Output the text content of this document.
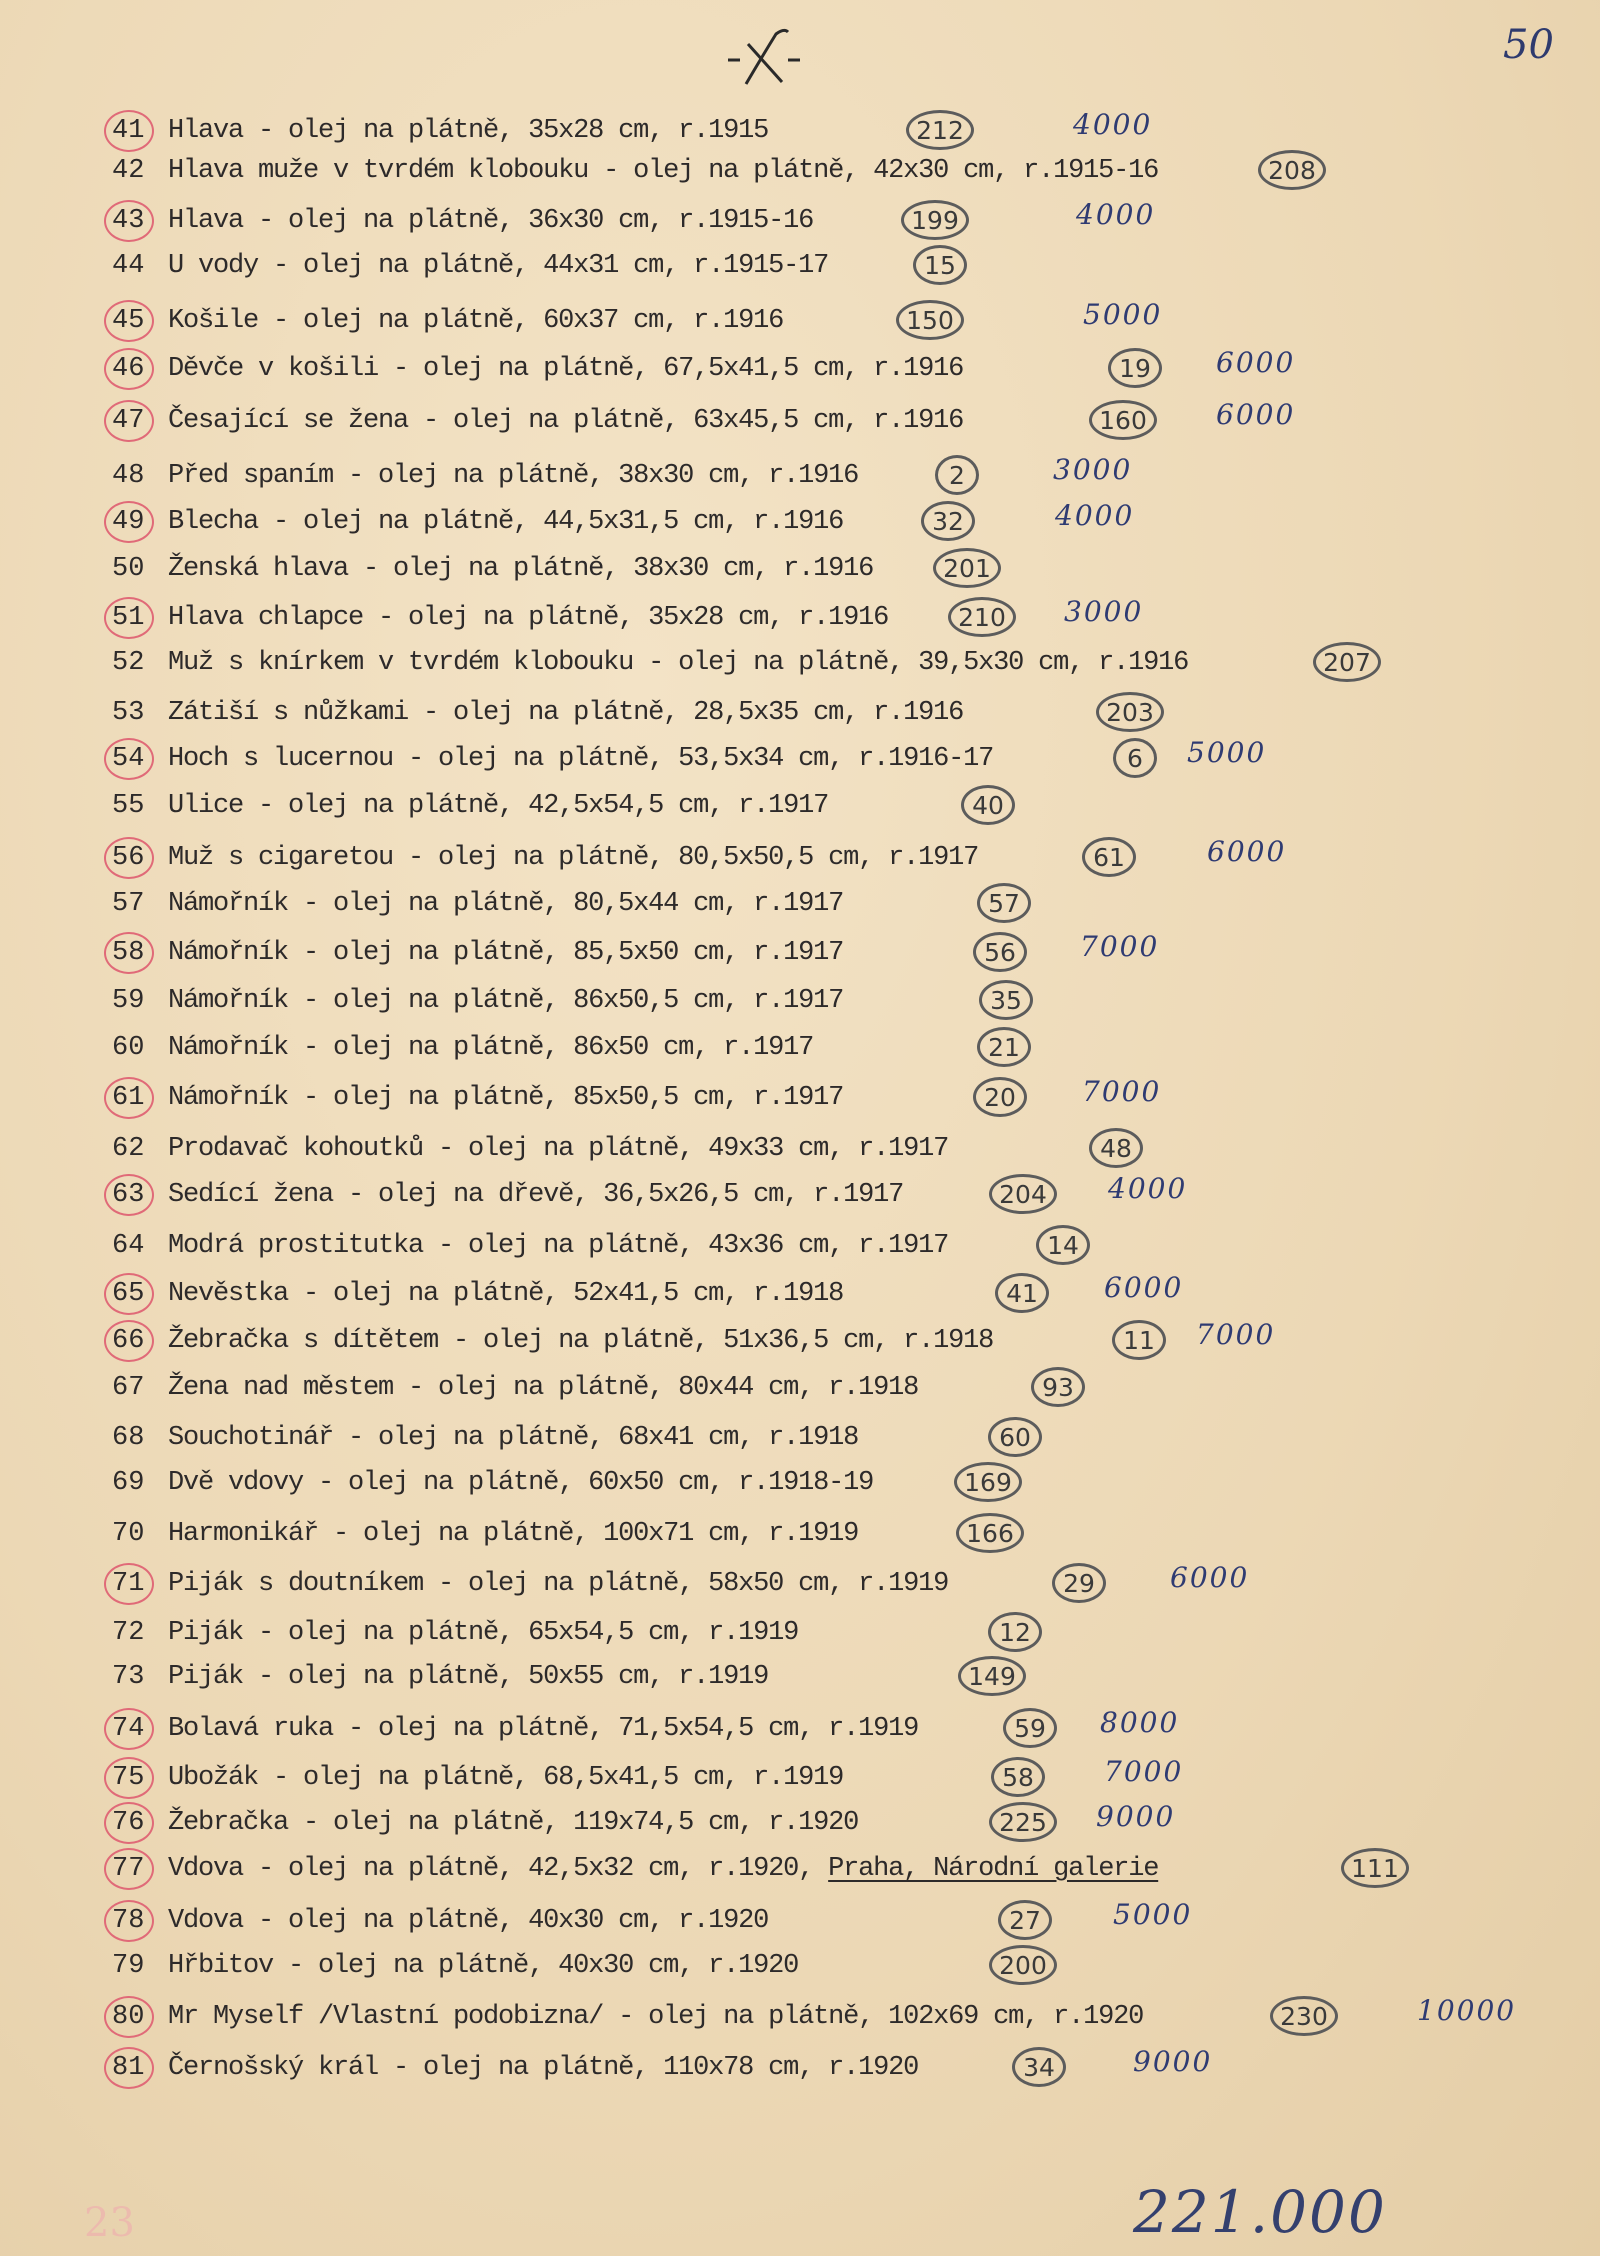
50
41 Hlava - olej na plátně, 35x28 cm, r.1915	212	4000
42 Hlava muže v tvrdém klobouku - olej na plátně, 42x30 cm, r.1915-16	208
43 Hlava - olej na plátně, 36x30 cm, r.1915-16	199	4000
44 U vody - olej na plátně, 44x31 cm, r.1915-17	15
45 Košile - olej na plátně, 60x37 cm, r.1916	150	5000
46 Děvče v košili - olej na plátně, 67,5x41,5 cm, r.1916	19	6000
47 Česající se žena - olej na plátně, 63x45,5 cm, r.1916	160	6000
48 Před spaním - olej na plátně, 38x30 cm, r.1916	2	3000
49 Blecha - olej na plátně, 44,5x31,5 cm, r.1916	32	4000
50 Ženská hlava - olej na plátně, 38x30 cm, r.1916	201
51 Hlava chlapce - olej na plátně, 35x28 cm, r.1916	210	3000
52 Muž s knírkem v tvrdém klobouku - olej na plátně, 39,5x30 cm, r.1916	207
53 Zátiší s nůžkami - olej na plátně, 28,5x35 cm, r.1916	203
54 Hoch s lucernou - olej na plátně, 53,5x34 cm, r.1916-17	6	5000
55 Ulice - olej na plátně, 42,5x54,5 cm, r.1917	40
56 Muž s cigaretou - olej na plátně, 80,5x50,5 cm, r.1917	61	6000
57 Námořník - olej na plátně, 80,5x44 cm, r.1917	57
58 Námořník - olej na plátně, 85,5x50 cm, r.1917	56	7000
59 Námořník - olej na plátně, 86x50,5 cm, r.1917	35
60 Námořník - olej na plátně, 86x50 cm, r.1917	21
61 Námořník - olej na plátně, 85x50,5 cm, r.1917	20	7000
62 Prodavač kohoutků - olej na plátně, 49x33 cm, r.1917	48
63 Sedící žena - olej na dřevě, 36,5x26,5 cm, r.1917	204	4000
64 Modrá prostitutka - olej na plátně, 43x36 cm, r.1917	14
65 Nevěstka - olej na plátně, 52x41,5 cm, r.1918	41	6000
66 Žebračka s dítětem - olej na plátně, 51x36,5 cm, r.1918	11	7000
67 Žena nad městem - olej na plátně, 80x44 cm, r.1918	93
68 Souchotinář - olej na plátně, 68x41 cm, r.1918	60
69 Dvě vdovy - olej na plátně, 60x50 cm, r.1918-19	169
70 Harmonikář - olej na plátně, 100x71 cm, r.1919	166
71 Piják s doutníkem - olej na plátně, 58x50 cm, r.1919	29	6000
72 Piják - olej na plátně, 65x54,5 cm, r.1919	12
73 Piják - olej na plátně, 50x55 cm, r.1919	149
74 Bolavá ruka - olej na plátně, 71,5x54,5 cm, r.1919	59	8000
75 Ubožák - olej na plátně, 68,5x41,5 cm, r.1919	58	7000
76 Žebračka - olej na plátně, 119x74,5 cm, r.1920	225	9000
77 Vdova - olej na plátně, 42,5x32 cm, r.1920, Praha, Národní galerie	111
78 Vdova - olej na plátně, 40x30 cm, r.1920	27	5000
79 Hřbitov - olej na plátně, 40x30 cm, r.1920	200
80 Mr Myself /Vlastní podobizna/ - olej na plátně, 102x69 cm, r.1920	230	10000
81 Černošský král - olej na plátně, 110x78 cm, r.1920	34	9000
221.000
23
